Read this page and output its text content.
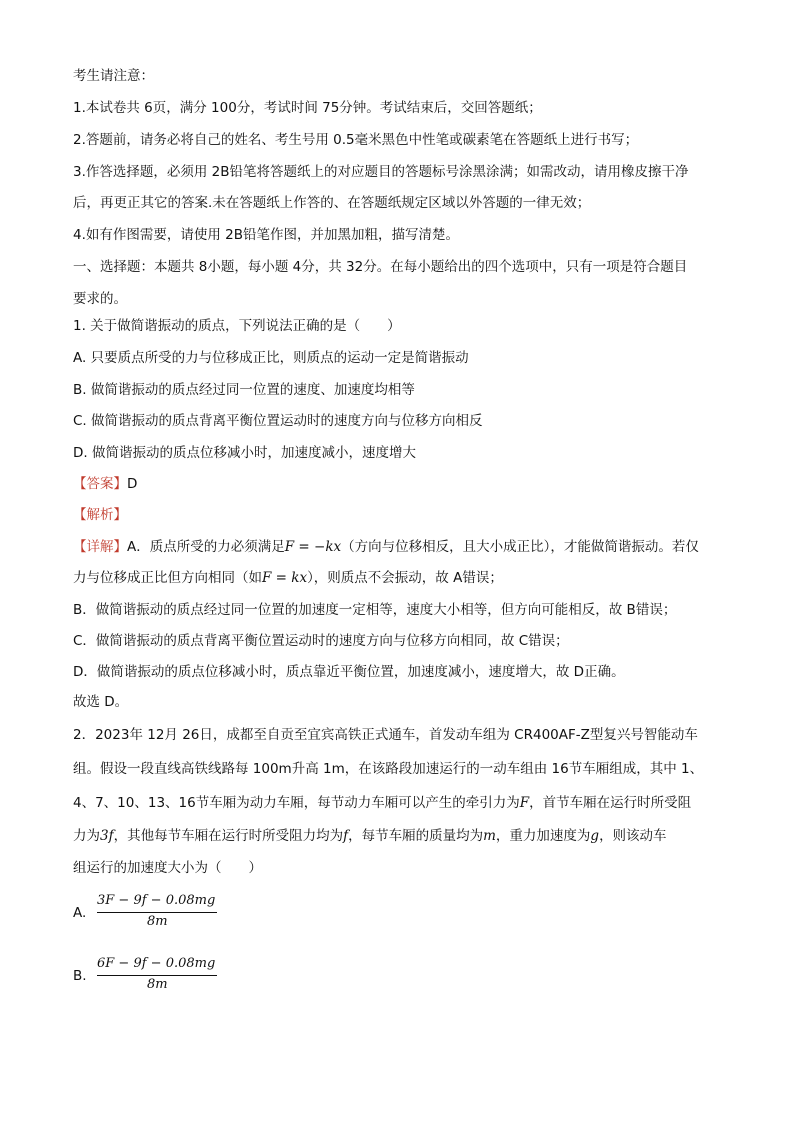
考生请注意：
1.本试卷共 6页，满分 100分，考试时间 75分钟。考试结束后，交回答题纸；
2.答题前，请务必将自己的姓名、考生号用 0.5毫米黑色中性笔或碳素笔在答题纸上进行书写；
3.作答选择题，必须用 2B铅笔将答题纸上的对应题目的答题标号涂黑涂满；如需改动，请用橡皮擦干净
后，再更正其它的答案.未在答题纸上作答的、在答题纸规定区域以外答题的一律无效；
4.如有作图需要，请使用 2B铅笔作图，并加黑加粗，描写清楚。
一、选择题：本题共 8小题，每小题 4分，共 32分。在每小题给出的四个选项中，只有一项是符合题目
要求的。
1. 关于做简谐振动的质点，下列说法正确的是（　　）
A. 只要质点所受的力与位移成正比，则质点的运动一定是简谐振动
B. 做简谐振动的质点经过同一位置的速度、加速度均相等
C. 做简谐振动的质点背离平衡位置运动时的速度方向与位移方向相反
D. 做简谐振动的质点位移减小时，加速度减小，速度增大
【答案】D
【解析】
【详解】A．质点所受的力必须满足F = −kx（方向与位移相反，且大小成正比），才能做简谐振动。若仅
力与位移成正比但方向相同（如F = kx），则质点不会振动，故 A错误；
B．做简谐振动的质点经过同一位置的加速度一定相等，速度大小相等，但方向可能相反，故 B错误；
C．做简谐振动的质点背离平衡位置运动时的速度方向与位移方向相同，故 C错误；
D．做简谐振动的质点位移减小时，质点靠近平衡位置，加速度减小，速度增大，故 D正确。
故选 D。
2．2023年 12月 26日，成都至自贡至宜宾高铁正式通车，首发动车组为 CR400AF-Z型复兴号智能动车
组。假设一段直线高铁线路每 100m升高 1m，在该路段加速运行的一动车组由 16节车厢组成，其中 1、
4、7、10、13、16节车厢为动力车厢，每节动力车厢可以产生的牵引力为F，首节车厢在运行时所受阻
力为3f，其他每节车厢在运行时所受阻力均为f，每节车厢的质量均为m，重力加速度为g，则该动车
组运行的加速度大小为（　　）
A.
3F − 9f − 0.08mg
8m
B.
6F − 9f − 0.08mg
8m
